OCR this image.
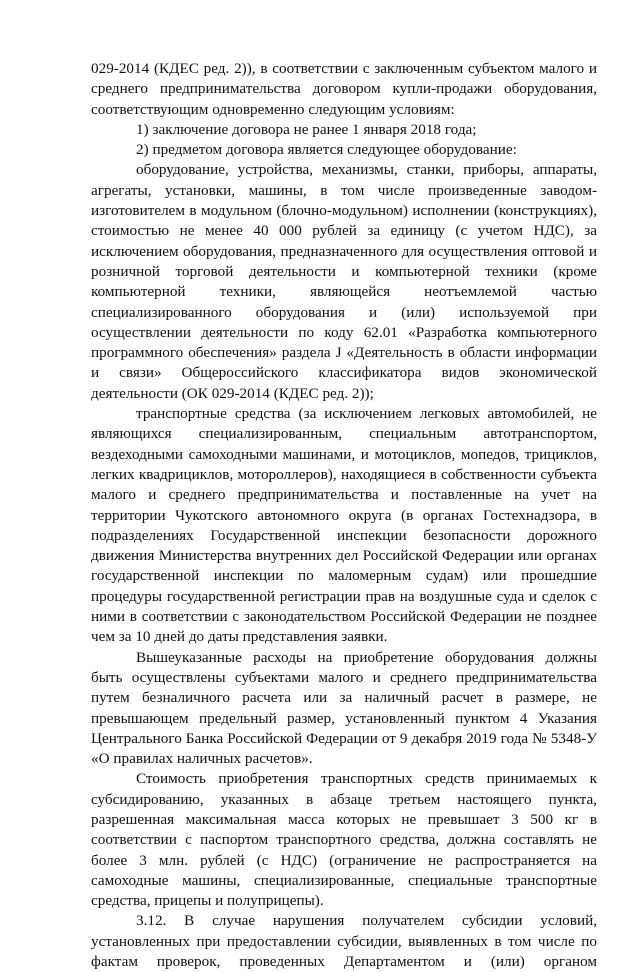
029-2014 (КДЕС ред. 2)), в соответствии с заключенным субъектом малого и
среднего предпринимательства договором купли-продажи оборудования,
соответствующим одновременно следующим условиям:
1) заключение договора не ранее 1 января 2018 года;
2) предметом договора является следующее оборудование:
оборудование, устройства, механизмы, станки, приборы, аппараты,
агрегаты, установки, машины, в том числе произведенные заводом-
изготовителем в модульном (блочно-модульном) исполнении (конструкциях),
стоимостью не менее 40 000 рублей за единицу (с учетом НДС), за
исключением оборудования, предназначенного для осуществления оптовой и
розничной торговой деятельности и компьютерной техники (кроме
компьютерной техники, являющейся неотъемлемой частью
специализированного оборудования и (или) используемой при
осуществлении деятельности по коду 62.01 «Разработка компьютерного
программного обеспечения» раздела J «Деятельность в области информации
и связи» Общероссийского классификатора видов экономической
деятельности (ОК 029-2014 (КДЕС ред. 2));
транспортные средства (за исключением легковых автомобилей, не
являющихся специализированным, специальным автотранспортом,
вездеходными самоходными машинами, и мотоциклов, мопедов, трициклов,
легких квадрициклов, мотороллеров), находящиеся в собственности субъекта
малого и среднего предпринимательства и поставленные на учет на
территории Чукотского автономного округа (в органах Гостехнадзора, в
подразделениях Государственной инспекции безопасности дорожного
движения Министерства внутренних дел Российской Федерации или органах
государственной инспекции по маломерным судам) или прошедшие
процедуры государственной регистрации прав на воздушные суда и сделок с
ними в соответствии с законодательством Российской Федерации не позднее
чем за 10 дней до даты представления заявки.
Вышеуказанные расходы на приобретение оборудования должны
быть осуществлены субъектами малого и среднего предпринимательства
путем безналичного расчета или за наличный расчет в размере, не
превышающем предельный размер, установленный пунктом 4 Указания
Центрального Банка Российской Федерации от 9 декабря 2019 года № 5348-У
«О правилах наличных расчетов».
Стоимость приобретения транспортных средств принимаемых к
субсидированию, указанных в абзаце третьем настоящего пункта,
разрешенная максимальная масса которых не превышает 3 500 кг в
соответствии с паспортом транспортного средства, должна составлять не
более 3 млн. рублей (с НДС) (ограничение не распространяется на
самоходные машины, специализированные, специальные транспортные
средства, прицепы и полуприцепы).
3.12. В случае нарушения получателем субсидии условий,
установленных при предоставлении субсидии, выявленных в том числе по
фактам проверок, проведенных Департаментом и (или) органом
